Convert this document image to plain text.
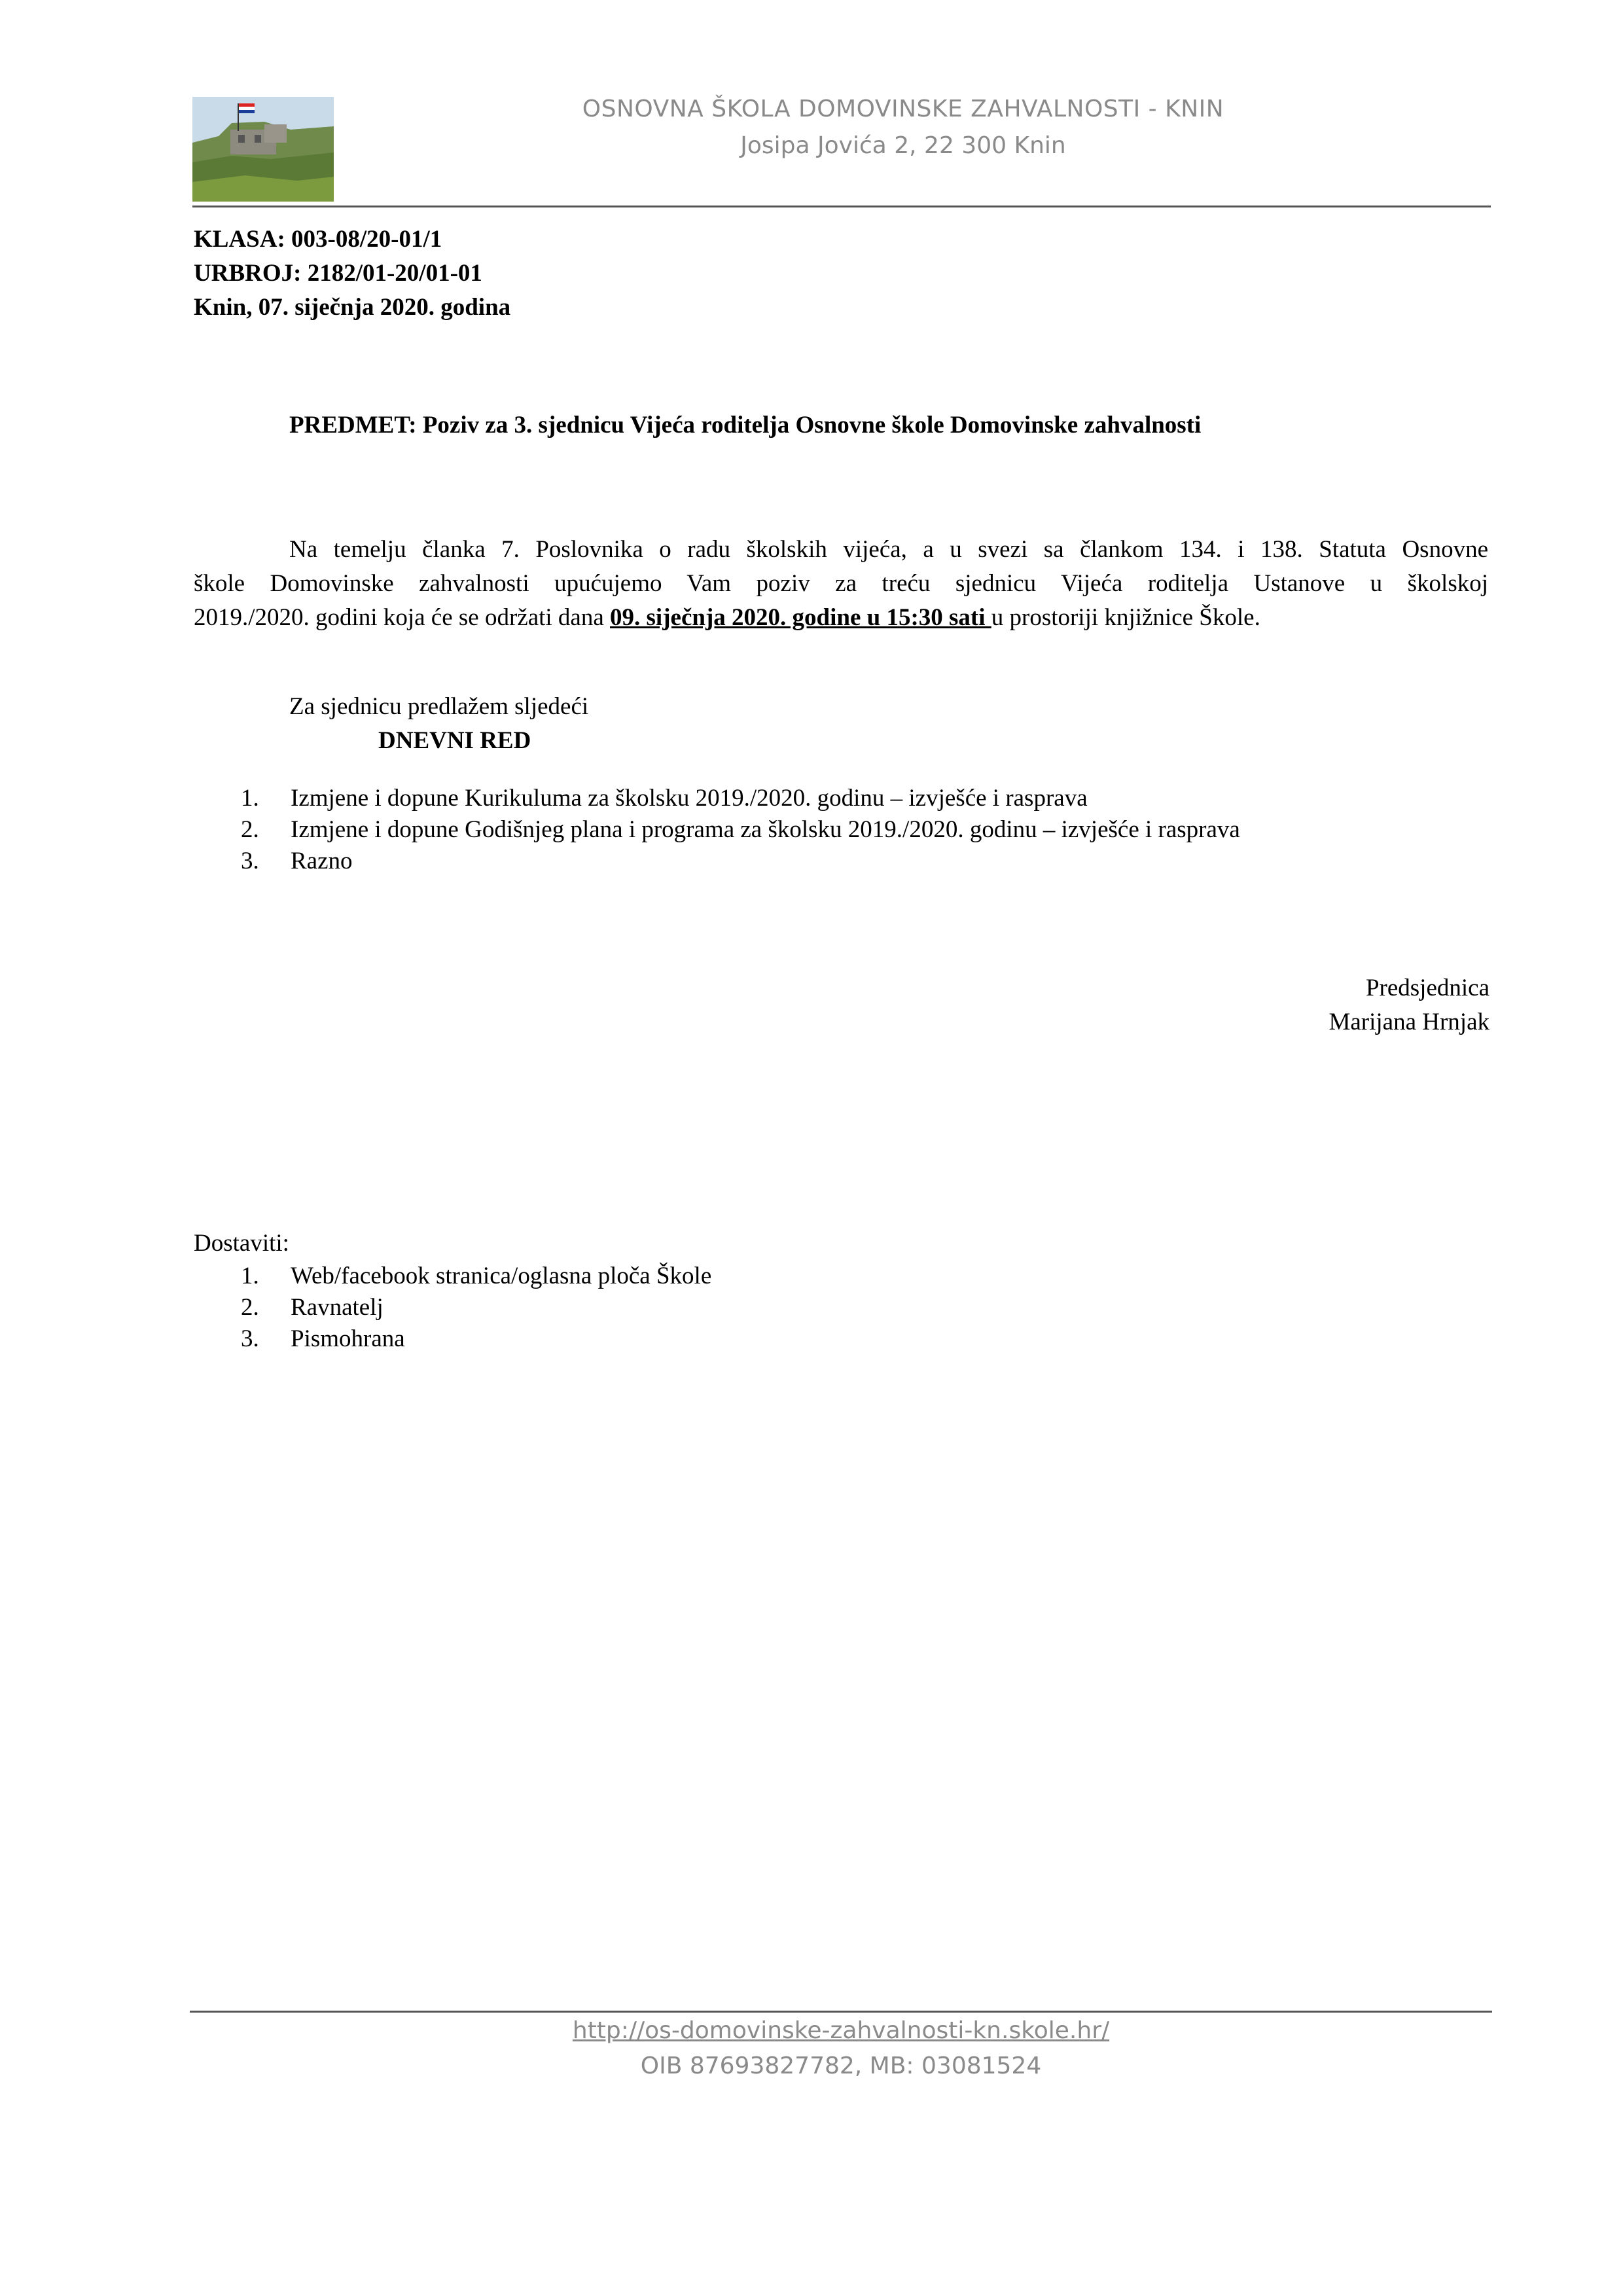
OSNOVNA ŠKOLA DOMOVINSKE ZAHVALNOSTI - KNIN
Josipa Jovića 2, 22 300 Knin
KLASA: 003-08/20-01/1
URBROJ: 2182/01-20/01-01
Knin, 07. siječnja 2020. godina
PREDMET: Poziv za 3. sjednicu Vijeća roditelja Osnovne škole Domovinske zahvalnosti
Na temelju članka 7. Poslovnika o radu školskih vijeća, a u svezi sa člankom 134. i 138. Statuta Osnovne
škole Domovinske zahvalnosti upućujemo Vam poziv za treću sjednicu Vijeća roditelja Ustanove u školskoj
2019./2020. godini koja će se održati dana 09. siječnja 2020. godine u 15:30 sati u prostoriji knjižnice Škole.
Za sjednicu predlažem sljedeći
DNEVNI RED
1.	Izmjene i dopune Kurikuluma za školsku 2019./2020. godinu – izvješće i rasprava
2.	Izmjene i dopune Godišnjeg plana i programa za školsku 2019./2020. godinu – izvješće i rasprava
3.	Razno
Predsjednica
Marijana Hrnjak
Dostaviti:
1.	Web/facebook stranica/oglasna ploča Škole
2.	Ravnatelj
3.	Pismohrana
http://os-domovinske-zahvalnosti-kn.skole.hr/
OIB 87693827782, MB: 03081524
